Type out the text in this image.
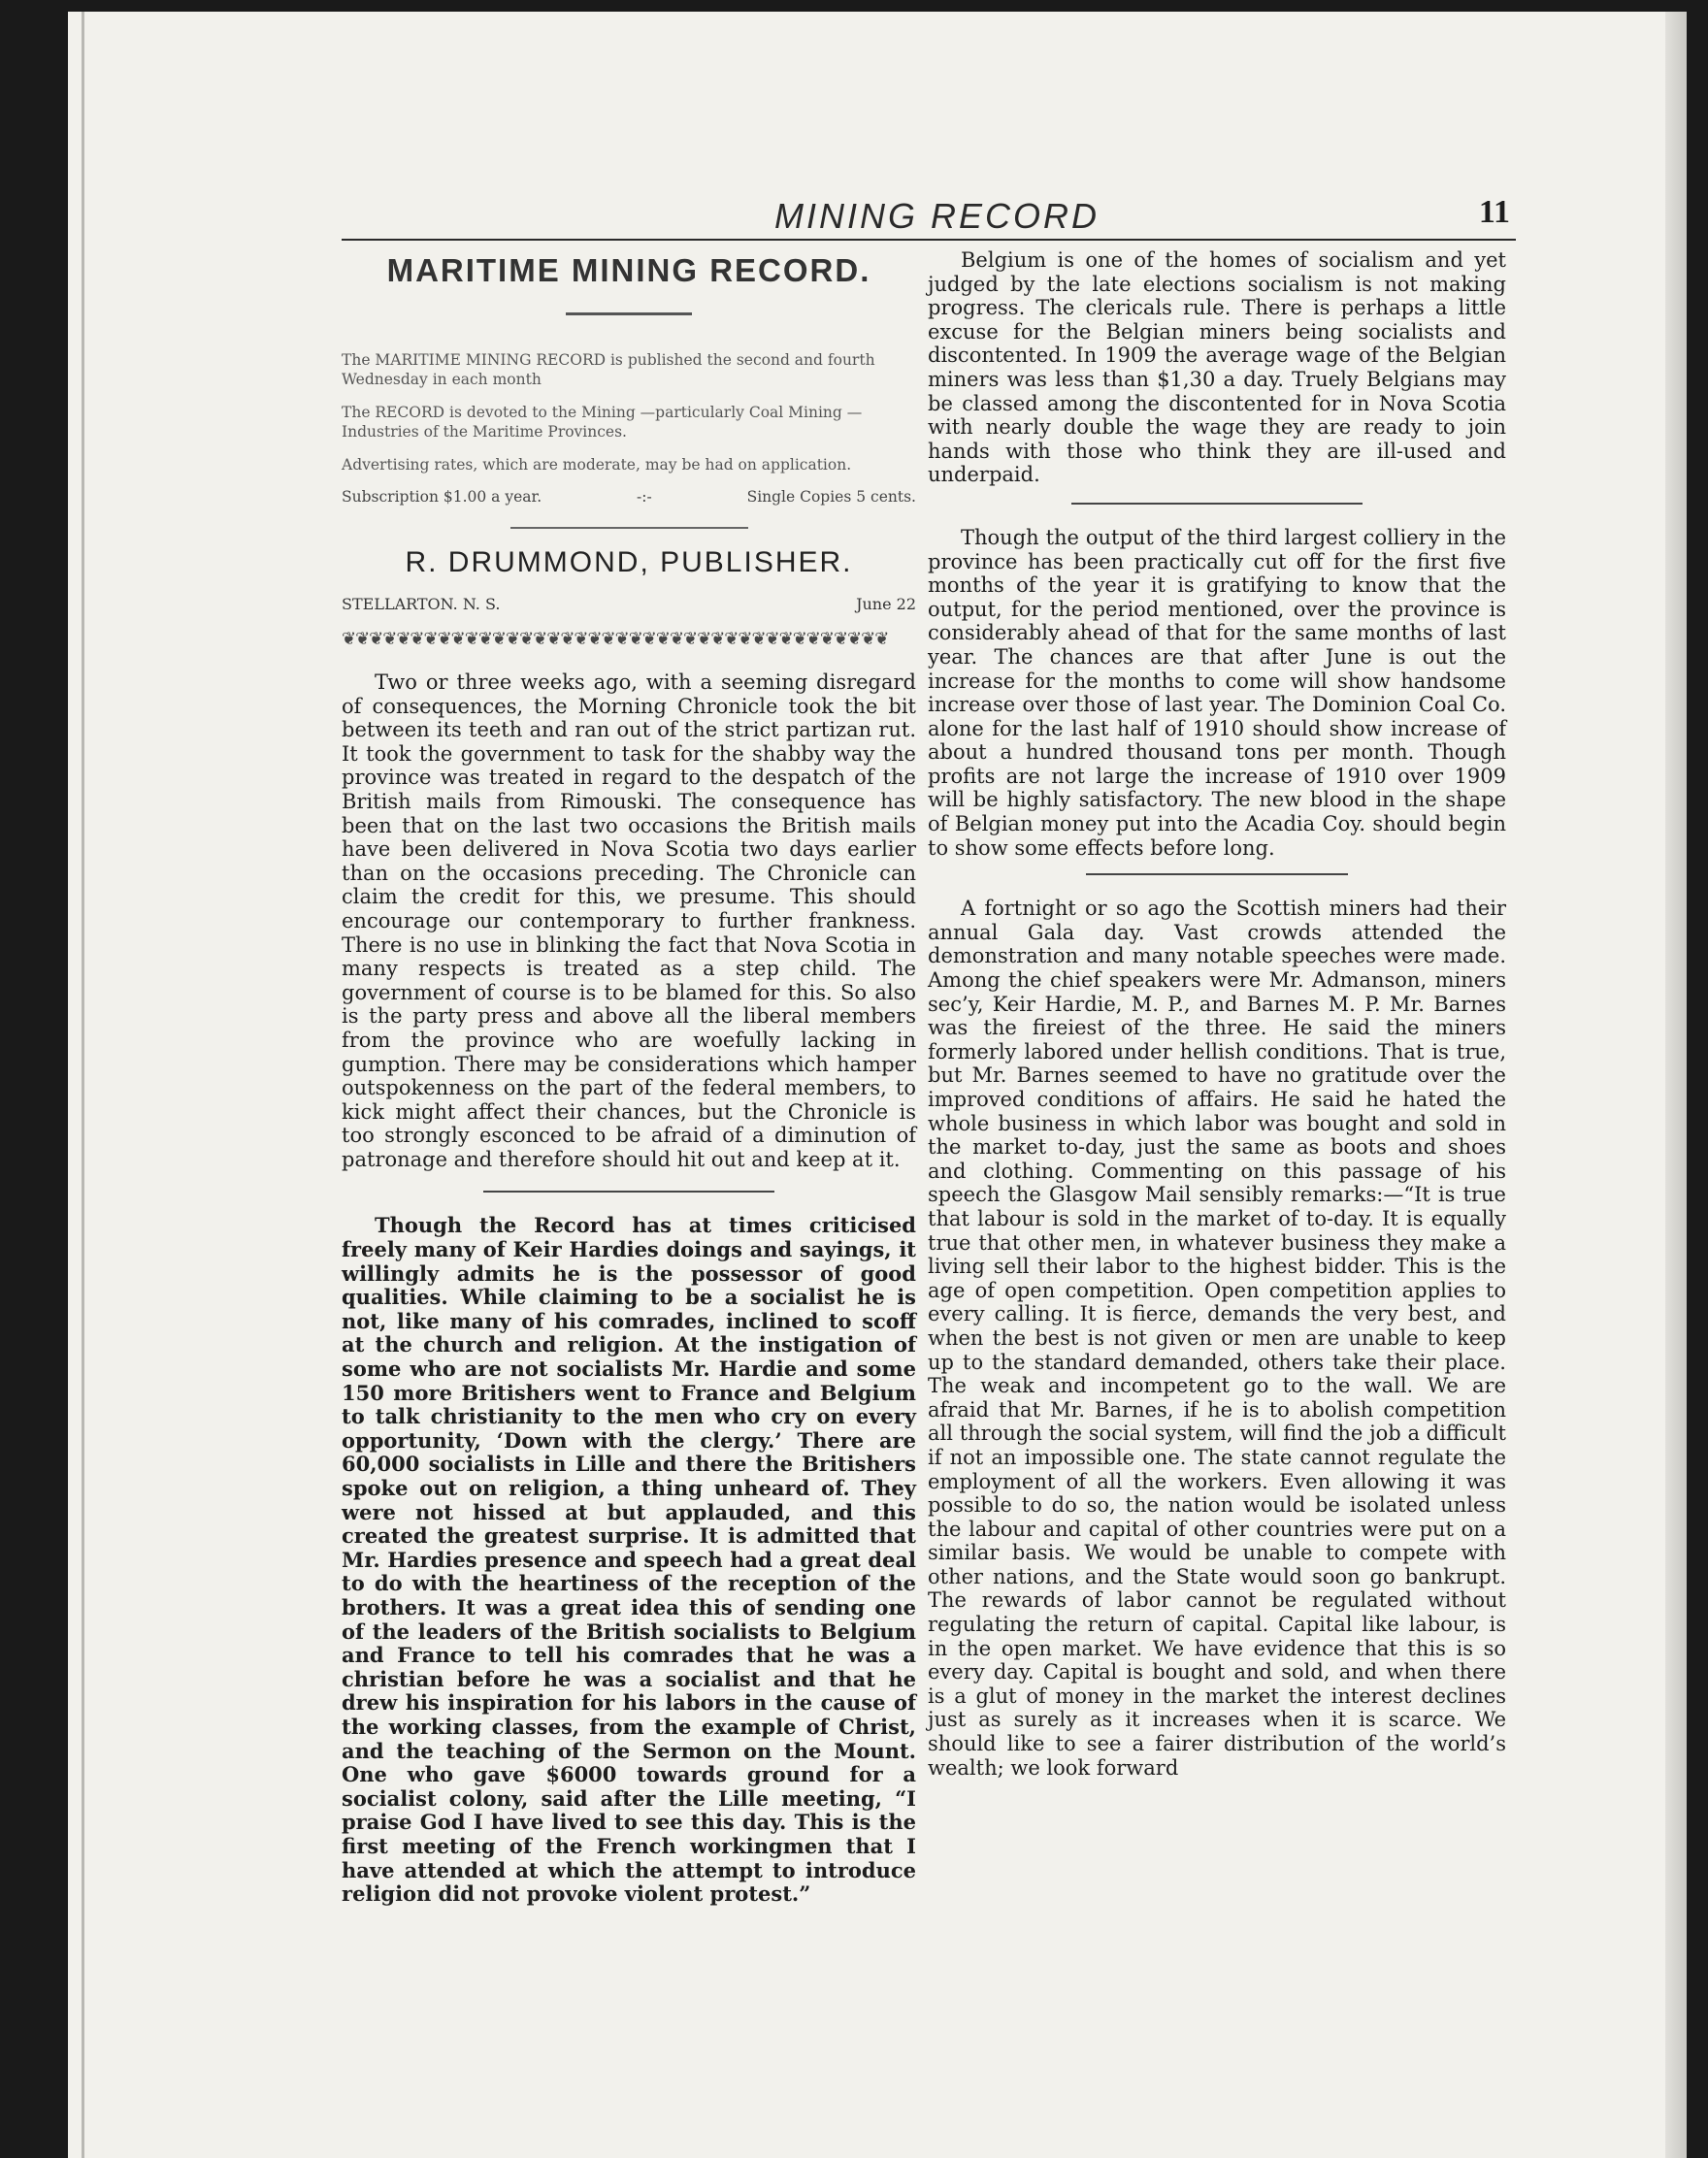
MINING RECORD	11
MARITIME MINING RECORD.

The MARITIME MINING RECORD is published the second and fourth Wednesday in each month

The RECORD is devoted to the Mining —particularly Coal Mining —Industries of the Maritime Provinces.

Advertising rates, which are moderate, may be had on application.

Subscription $1.00 a year.	-:-	Single Copies 5 cents.
R. DRUMMOND, PUBLISHER.
STELLARTON. N. S.	June 22
❦❦❦❦❦❦❦❦❦❦❦❦❦❦❦❦❦❦❦❦❦❦❦❦❦❦❦❦❦❦❦❦❦❦❦❦❦❦❦❦

Two or three weeks ago, with a seeming disregard of consequences, the Morning Chronicle took the bit between its teeth and ran out of the strict partizan rut. It took the government to task for the shabby way the province was treated in regard to the despatch of the British mails from Rimouski. The consequence has been that on the last two occasions the British mails have been delivered in Nova Scotia two days earlier than on the occasions preceding. The Chronicle can claim the credit for this, we presume. This should encourage our contemporary to further frankness. There is no use in blinking the fact that Nova Scotia in many respects is treated as a step child. The government of course is to be blamed for this. So also is the party press and above all the liberal members from the province who are woefully lacking in gumption. There may be considerations which hamper outspokenness on the part of the federal members, to kick might affect their chances, but the Chronicle is too strongly esconced to be afraid of a diminution of patronage and therefore should hit out and keep at it.

Though the Record has at times criticised freely many of Keir Hardies doings and sayings, it willingly admits he is the possessor of good qualities. While claiming to be a socialist he is not, like many of his comrades, inclined to scoff at the church and religion. At the instigation of some who are not socialists Mr. Hardie and some 150 more Britishers went to France and Belgium to talk christianity to the men who cry on every opportunity, ‘Down with the clergy.’ There are 60,000 socialists in Lille and there the Britishers spoke out on religion, a thing unheard of. They were not hissed at but applauded, and this created the greatest surprise. It is admitted that Mr. Hardies presence and speech had a great deal to do with the heartiness of the reception of the brothers. It was a great idea this of sending one of the leaders of the British socialists to Belgium and France to tell his comrades that he was a christian before he was a socialist and that he drew his inspiration for his labors in the cause of the working classes, from the example of Christ, and the teaching of the Sermon on the Mount. One who gave $6000 towards ground for a socialist colony, said after the Lille meeting, “I praise God I have lived to see this day. This is the first meeting of the French workingmen that I have attended at which the attempt to introduce religion did not provoke violent protest.”

Belgium is one of the homes of socialism and yet judged by the late elections socialism is not making progress. The clericals rule. There is perhaps a little excuse for the Belgian miners being socialists and discontented. In 1909 the average wage of the Belgian miners was less than $1,30 a day. Truely Belgians may be classed among the discontented for in Nova Scotia with nearly double the wage they are ready to join hands with those who think they are ill-used and underpaid.

Though the output of the third largest colliery in the province has been practically cut off for the first five months of the year it is gratifying to know that the output, for the period mentioned, over the province is considerably ahead of that for the same months of last year. The chances are that after June is out the increase for the months to come will show handsome increase over those of last year. The Dominion Coal Co. alone for the last half of 1910 should show increase of about a hundred thousand tons per month. Though profits are not large the increase of 1910 over 1909 will be highly satisfactory. The new blood in the shape of Belgian money put into the Acadia Coy. should begin to show some effects before long.

A fortnight or so ago the Scottish miners had their annual Gala day. Vast crowds attended the demonstration and many notable speeches were made. Among the chief speakers were Mr. Admanson, miners sec’y, Keir Hardie, M. P., and Barnes M. P. Mr. Barnes was the fireiest of the three. He said the miners formerly labored under hellish conditions. That is true, but Mr. Barnes seemed to have no gratitude over the improved conditions of affairs. He said he hated the whole business in which labor was bought and sold in the market to-day, just the same as boots and shoes and clothing. Commenting on this passage of his speech the Glasgow Mail sensibly remarks:—“It is true that labour is sold in the market of to-day. It is equally true that other men, in whatever business they make a living sell their labor to the highest bidder. This is the age of open competition. Open competition applies to every calling. It is fierce, demands the very best, and when the best is not given or men are unable to keep up to the standard demanded, others take their place. The weak and incompetent go to the wall. We are afraid that Mr. Barnes, if he is to abolish competition all through the social system, will find the job a difficult if not an impossible one. The state cannot regulate the employment of all the workers. Even allowing it was possible to do so, the nation would be isolated unless the labour and capital of other countries were put on a similar basis. We would be unable to compete with other nations, and the State would soon go bankrupt. The rewards of labor cannot be regulated without regulating the return of capital. Capital like labour, is in the open market. We have evidence that this is so every day. Capital is bought and sold, and when there is a glut of money in the market the interest declines just as surely as it increases when it is scarce. We should like to see a fairer distribution of the world’s wealth; we look forward
